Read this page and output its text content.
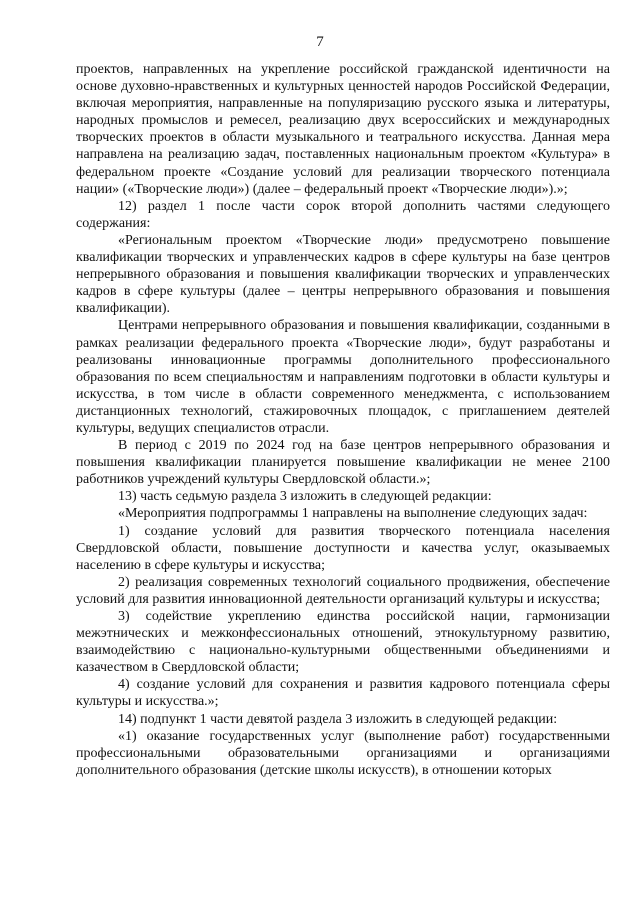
7

проектов, направленных на укрепление российской гражданской идентичности на основе духовно-нравственных и культурных ценностей народов Российской Федерации, включая мероприятия, направленные на популяризацию русского языка и литературы, народных промыслов и ремесел, реализацию двух всероссийских и международных творческих проектов в области музыкального и театрального искусства. Данная мера направлена на реализацию задач, поставленных национальным проектом «Культура» в федеральном проекте «Создание условий для реализации творческого потенциала нации» («Творческие люди») (далее – федеральный проект «Творческие люди»).»;

12) раздел 1 после части сорок второй дополнить частями следующего содержания:

«Региональным проектом «Творческие люди» предусмотрено повышение квалификации творческих и управленческих кадров в сфере культуры на базе центров непрерывного образования и повышения квалификации творческих и управленческих кадров в сфере культуры (далее – центры непрерывного образования и повышения квалификации).

Центрами непрерывного образования и повышения квалификации, созданными в рамках реализации федерального проекта «Творческие люди», будут разработаны и реализованы инновационные программы дополнительного профессионального образования по всем специальностям и направлениям подготовки в области культуры и искусства, в том числе в области современного менеджмента, с использованием дистанционных технологий, стажировочных площадок, с приглашением деятелей культуры, ведущих специалистов отрасли.

В период с 2019 по 2024 год на базе центров непрерывного образования и повышения квалификации планируется повышение квалификации не менее 2100 работников учреждений культуры Свердловской области.»;

13) часть седьмую раздела 3 изложить в следующей редакции:

«Мероприятия подпрограммы 1 направлены на выполнение следующих задач:

1) создание условий для развития творческого потенциала населения Свердловской области, повышение доступности и качества услуг, оказываемых населению в сфере культуры и искусства;

2) реализация современных технологий социального продвижения, обеспечение условий для развития инновационной деятельности организаций культуры и искусства;

3) содействие укреплению единства российской нации, гармонизации межэтнических и межконфессиональных отношений, этнокультурному развитию, взаимодействию с национально-культурными общественными объединениями и казачеством в Свердловской области;

4) создание условий для сохранения и развития кадрового потенциала сферы культуры и искусства.»;

14) подпункт 1 части девятой раздела 3 изложить в следующей редакции:

«1) оказание государственных услуг (выполнение работ) государственными профессиональными образовательными организациями и организациями дополнительного образования (детские школы искусств), в отношении которых
